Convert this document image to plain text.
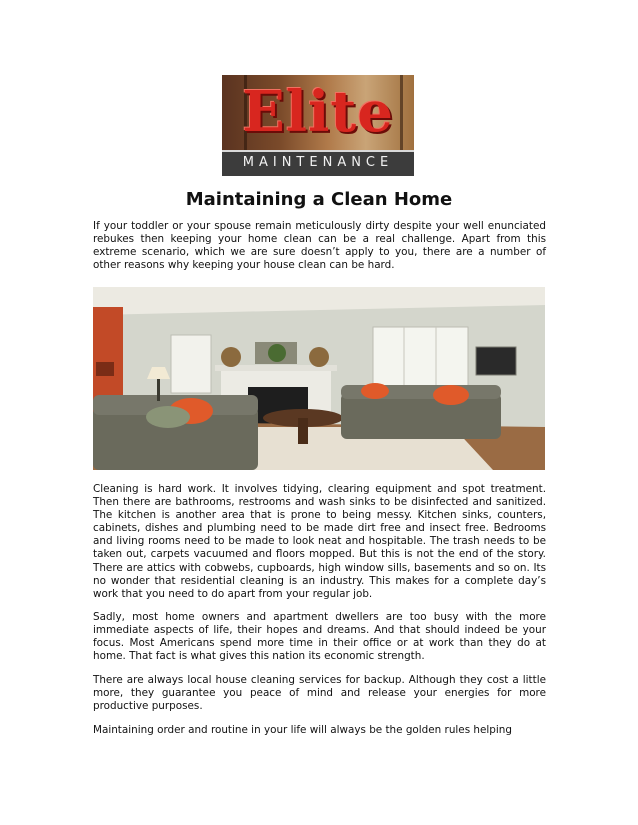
Elite
MAINTENANCE
Maintaining a Clean Home

If your toddler or your spouse remain meticulously dirty despite your well enunciated rebukes then keeping your home clean can be a real challenge. Apart from this extreme scenario, which we are sure doesn’t apply to you, there are a number of other reasons why keeping your house clean can be hard.

Cleaning is hard work. It involves tidying, clearing equipment and spot treatment. Then there are bathrooms, restrooms and wash sinks to be disinfected and sanitized. The kitchen is another area that is prone to being messy. Kitchen sinks, counters, cabinets, dishes and plumbing need to be made dirt free and insect free. Bedrooms and living rooms need to be made to look neat and hospitable. The trash needs to be taken out, carpets vacuumed and floors mopped. But this is not the end of the story. There are attics with cobwebs, cupboards, high window sills, basements and so on. Its no wonder that residential cleaning is an industry. This makes for a complete day’s work that you need to do apart from your regular job.

Sadly, most home owners and apartment dwellers are too busy with the more immediate aspects of life, their hopes and dreams. And that should indeed be your focus. Most Americans spend more time in their office or at work than they do at home. That fact is what gives this nation its economic strength.

There are always local house cleaning services for backup. Although they cost a little more, they guarantee you peace of mind and release your energies for more productive purposes.

Maintaining order and routine in your life will always be the golden rules helping
